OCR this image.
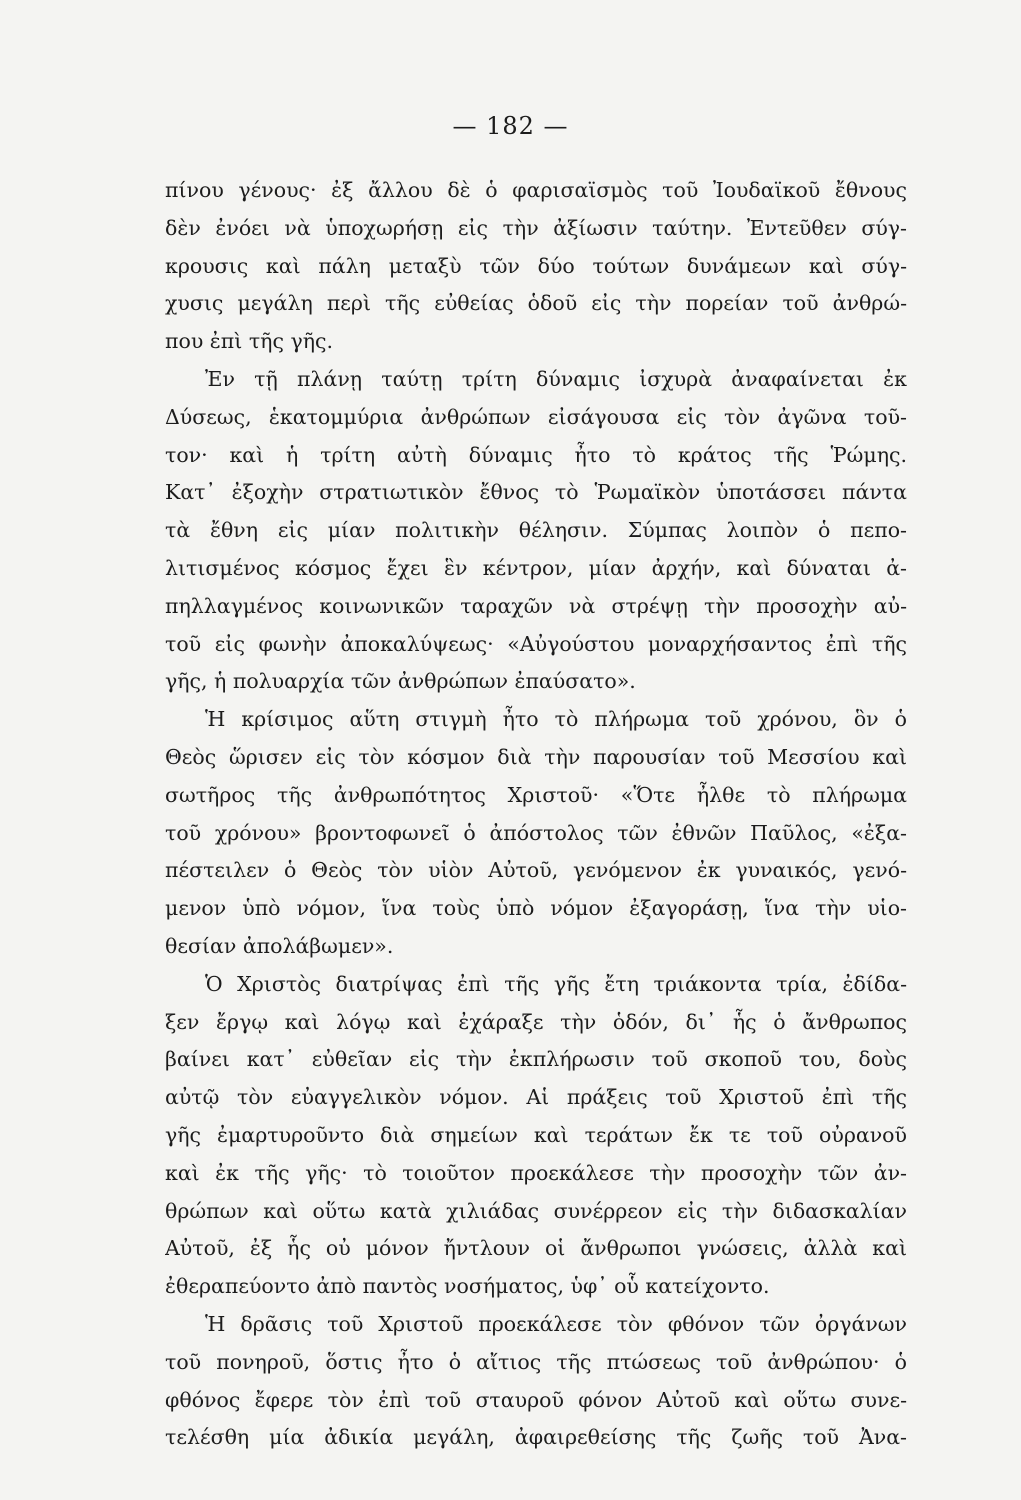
— 182 —
πίνου γένους· ἐξ ἄλλου δὲ ὁ φαρισαϊσμὸς τοῦ Ἰουδαϊκοῦ ἔθνους
δὲν ἐνόει νὰ ὑποχωρήσῃ εἰς τὴν ἀξίωσιν ταύτην. Ἐντεῦθεν σύγ-
κρουσις καὶ πάλη μεταξὺ τῶν δύο τούτων δυνάμεων καὶ σύγ-
χυσις μεγάλη περὶ τῆς εὐθείας ὁδοῦ εἰς τὴν πορείαν τοῦ ἀνθρώ-
που ἐπὶ τῆς γῆς.
Ἐν τῇ πλάνῃ ταύτῃ τρίτη δύναμις ἰσχυρὰ ἀναφαίνεται ἐκ
Δύσεως, ἑκατομμύρια ἀνθρώπων εἰσάγουσα εἰς τὸν ἀγῶνα τοῦ-
τον· καὶ ἡ τρίτη αὐτὴ δύναμις ἦτο τὸ κράτος τῆς Ῥώμης.
Κατ᾽ ἐξοχὴν στρατιωτικὸν ἔθνος τὸ Ῥωμαϊκὸν ὑποτάσσει πάντα
τὰ ἔθνη εἰς μίαν πολιτικὴν θέλησιν. Σύμπας λοιπὸν ὁ πεπο-
λιτισμένος κόσμος ἔχει ἓν κέντρον, μίαν ἀρχήν, καὶ δύναται ἀ-
πηλλαγμένος κοινωνικῶν ταραχῶν νὰ στρέψῃ τὴν προσοχὴν αὐ-
τοῦ εἰς φωνὴν ἀποκαλύψεως· «Αὐγούστου μοναρχήσαντος ἐπὶ τῆς
γῆς, ἡ πολυαρχία τῶν ἀνθρώπων ἐπαύσατο».
Ἡ κρίσιμος αὕτη στιγμὴ ἦτο τὸ πλήρωμα τοῦ χρόνου, ὃν ὁ
Θεὸς ὥρισεν εἰς τὸν κόσμον διὰ τὴν παρουσίαν τοῦ Μεσσίου καὶ
σωτῆρος τῆς ἀνθρωπότητος Χριστοῦ· «Ὅτε ἦλθε τὸ πλήρωμα
τοῦ χρόνου» βροντοφωνεῖ ὁ ἀπόστολος τῶν ἐθνῶν Παῦλος, «ἐξα-
πέστειλεν ὁ Θεὸς τὸν υἱὸν Αὐτοῦ, γενόμενον ἐκ γυναικός, γενό-
μενον ὑπὸ νόμον, ἵνα τοὺς ὑπὸ νόμον ἐξαγοράσῃ, ἵνα τὴν υἱο-
θεσίαν ἀπολάβωμεν».
Ὁ Χριστὸς διατρίψας ἐπὶ τῆς γῆς ἔτη τριάκοντα τρία, ἐδίδα-
ξεν ἔργῳ καὶ λόγῳ καὶ ἐχάραξε τὴν ὁδόν, δι᾽ ἧς ὁ ἄνθρωπος
βαίνει κατ᾽ εὐθεῖαν εἰς τὴν ἐκπλήρωσιν τοῦ σκοποῦ του, δοὺς
αὐτῷ τὸν εὐαγγελικὸν νόμον. Αἱ πράξεις τοῦ Χριστοῦ ἐπὶ τῆς
γῆς ἐμαρτυροῦντο διὰ σημείων καὶ τεράτων ἔκ τε τοῦ οὐρανοῦ
καὶ ἐκ τῆς γῆς· τὸ τοιοῦτον προεκάλεσε τὴν προσοχὴν τῶν ἀν-
θρώπων καὶ οὕτω κατὰ χιλιάδας συνέρρεον εἰς τὴν διδασκαλίαν
Αὐτοῦ, ἐξ ἧς οὐ μόνον ἤντλουν οἱ ἄνθρωποι γνώσεις, ἀλλὰ καὶ
ἐθεραπεύοντο ἀπὸ παντὸς νοσήματος, ὑφ᾽ οὗ κατείχοντο.
Ἡ δρᾶσις τοῦ Χριστοῦ προεκάλεσε τὸν φθόνον τῶν ὀργάνων
τοῦ πονηροῦ, ὅστις ἦτο ὁ αἴτιος τῆς πτώσεως τοῦ ἀνθρώπου· ὁ
φθόνος ἔφερε τὸν ἐπὶ τοῦ σταυροῦ φόνον Αὐτοῦ καὶ οὕτω συνε-
τελέσθη μία ἀδικία μεγάλη, ἀφαιρεθείσης τῆς ζωῆς τοῦ Ἀνα-
